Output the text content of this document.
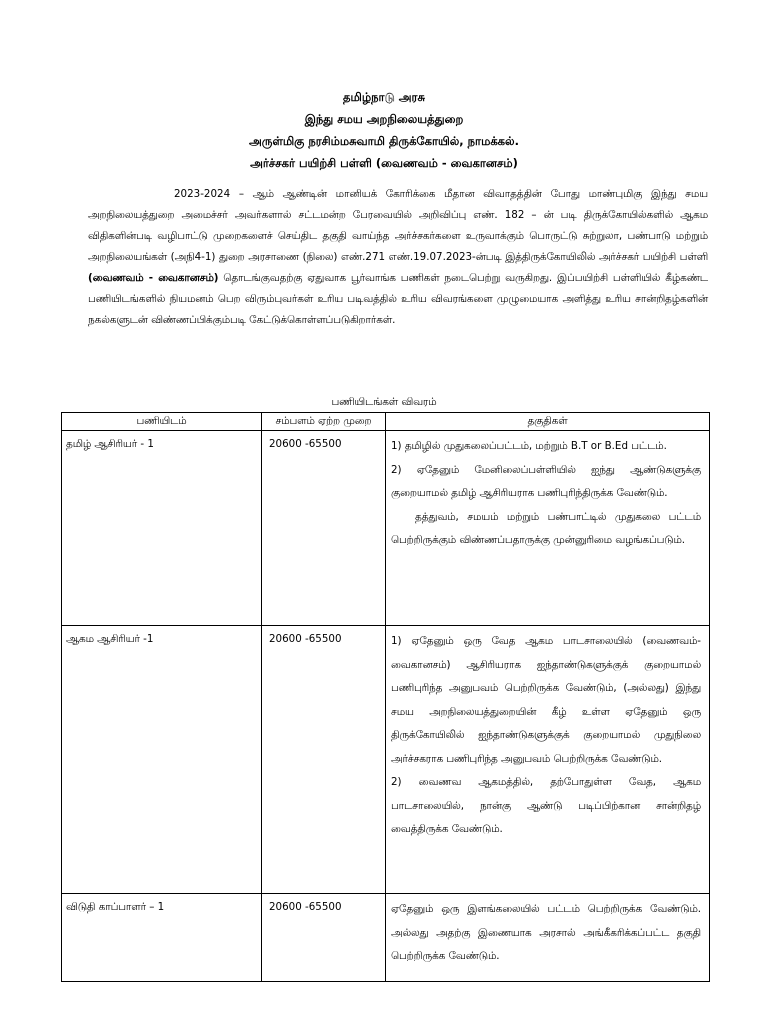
தமிழ்நாடு அரசு
இந்து சமய அறநிலையத்துறை
அருள்மிகு நரசிம்மசுவாமி திருக்கோயில், நாமக்கல்.
அர்ச்சகர் பயிற்சி பள்ளி (வைணவம் - வைகானசம்)
2023-2024 – ஆம் ஆண்டின் மானியக் கோரிக்கை மீதான விவாதத்தின் போது மாண்புமிகு இந்து சமய அறநிலையத்துறை அமைச்சர் அவர்களால் சட்டமன்ற பேரவையில் அறிவிப்பு எண். 182 – ன் படி திருக்கோயில்களில் ஆகம விதிகளின்படி வழிபாட்டு முறைகளைச் செய்திட தகுதி வாய்ந்த அர்ச்சகர்களை உருவாக்கும் பொருட்டு சுற்றுலா, பண்பாடு மற்றும் அறநிலையங்கள் (அநி4-1) துறை அரசாணை (நிலை) எண்.271 எண்.19.07.2023-ன்படி இத்திருக்கோயிலில் அர்ச்சகர் பயிற்சி பள்ளி (வைணவம் - வைகானசம்) தொடங்குவதற்கு ஏதுவாக பூர்வாங்க பணிகள் நடைபெற்று வருகிறது. இப்பயிற்சி பள்ளியில் கீழ்கண்ட பணியிடங்களில் நியமனம் பெற விரும்புவர்கள் உரிய படிவத்தில் உரிய விவரங்களை முழுமையாக அளித்து உரிய சான்றிதழ்களின் நகல்களுடன் விண்ணப்பிக்கும்படி கேட்டுக்கொள்ளப்படுகிறார்கள்.
பணியிடங்கள் விவரம்
பணியிடம்	சம்பளம் ஏற்ற முறை	தகுதிகள்
தமிழ் ஆசிரியர் - 1	20600 -65500	1) தமிழில் முதுகலைப்பட்டம், மற்றும் B.T or B.Ed பட்டம்.

2) ஏதேனும் மேனிலைப்பள்ளியில் ஐந்து ஆண்டுகளுக்கு குறையாமல் தமிழ் ஆசிரியராக பணிபுரிந்திருக்க வேண்டும்.

தத்துவம், சமயம் மற்றும் பண்பாட்டில் முதுகலை பட்டம் பெற்றிருக்கும் விண்ணப்பதாருக்கு முன்னுரிமை வழங்கப்படும்.

ஆகம ஆசிரியர் -1	20600 -65500	1) ஏதேனும் ஒரு வேத ஆகம பாடசாலையில் (வைணவம்-வைகானசம்) ஆசிரியராக ஐந்தாண்டுகளுக்குக் குறையாமல் பணிபுரிந்த அனுபவம் பெற்றிருக்க வேண்டும், (அல்லது) இந்து சமய அறநிலையத்துறையின் கீழ் உள்ள ஏதேனும் ஒரு திருக்கோயிலில் ஐந்தாண்டுகளுக்குக் குறையாமல் முதுநிலை அர்ச்சகராக பணிபுரிந்த அனுபவம் பெற்றிருக்க வேண்டும்.

2) வைணவ ஆகமத்தில், தற்போதுள்ள வேத, ஆகம பாடசாலையில், நான்கு ஆண்டு படிப்பிற்கான சான்றிதழ் வைத்திருக்க வேண்டும்.

விடுதி காப்பாளர் – 1	20600 -65500	ஏதேனும் ஒரு இளங்கலையில் பட்டம் பெற்றிருக்க வேண்டும். அல்லது அதற்கு இணையாக அரசால் அங்கீகரிக்கப்பட்ட தகுதி பெற்றிருக்க வேண்டும்.
